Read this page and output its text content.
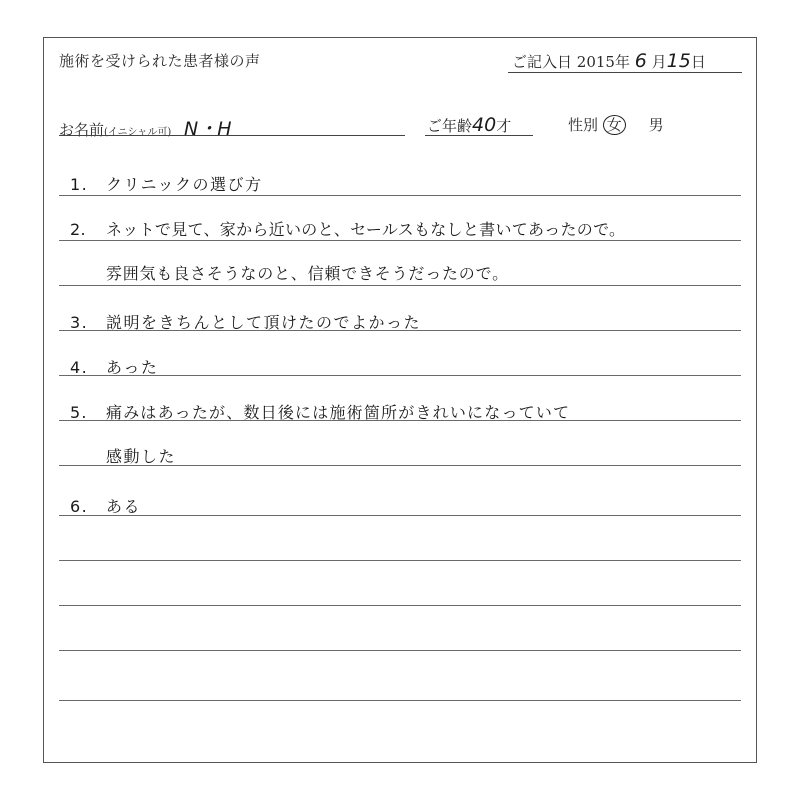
施術を受けられた患者様の声	ご記入日 2015年 6 月15日
お名前(イニシャル可) N・H	ご年齢40才	性別 女 男
1. クリニックの選び方
2. ネットで見て、家から近いのと、セールスもなしと書いてあったので。
雰囲気も良さそうなのと、信頼できそうだったので。
3. 説明をきちんとして頂けたのでよかった
4. あった
5. 痛みはあったが、数日後には施術箇所がきれいになっていて
感動した
6. ある
